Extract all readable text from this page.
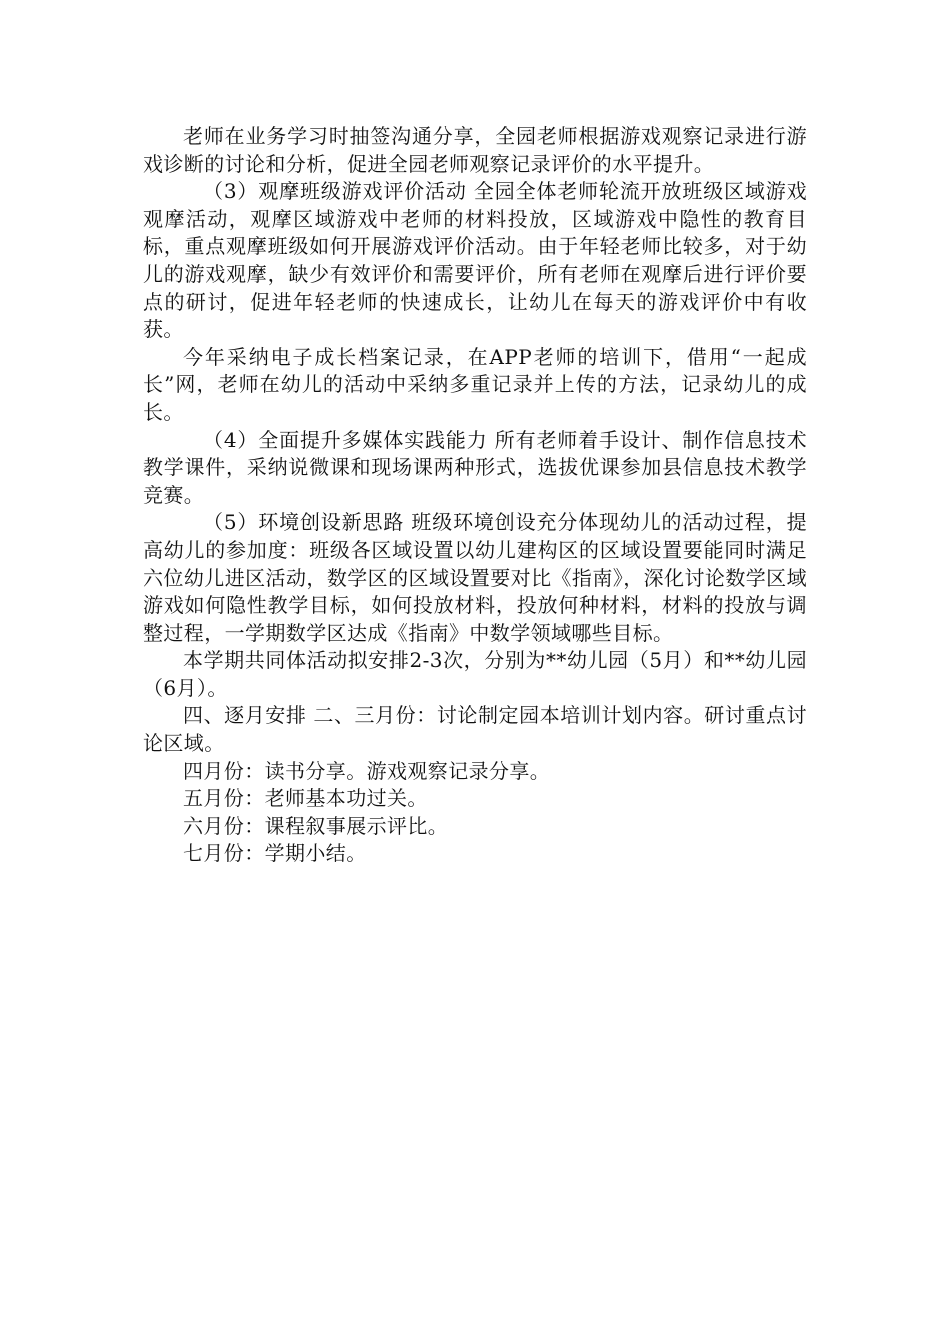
老师在业务学习时抽签沟通分享，全园老师根据游戏观察记录进行游戏诊断的讨论和分析，促进全园老师观察记录评价的水平提升。

（3）观摩班级游戏评价活动 全园全体老师轮流开放班级区域游戏观摩活动，观摩区域游戏中老师的材料投放，区域游戏中隐性的教育目标，重点观摩班级如何开展游戏评价活动。由于年轻老师比较多，对于幼儿的游戏观摩，缺少有效评价和需要评价，所有老师在观摩后进行评价要点的研讨，促进年轻老师的快速成长，让幼儿在每天的游戏评价中有收获。

今年采纳电子成长档案记录，在APP老师的培训下，借用“一起成长”网，老师在幼儿的活动中采纳多重记录并上传的方法，记录幼儿的成长。

（4）全面提升多媒体实践能力 所有老师着手设计、制作信息技术教学课件，采纳说微课和现场课两种形式，选拔优课参加县信息技术教学竞赛。

（5）环境创设新思路 班级环境创设充分体现幼儿的活动过程，提高幼儿的参加度：班级各区域设置以幼儿建构区的区域设置要能同时满足六位幼儿进区活动，数学区的区域设置要对比《指南》，深化讨论数学区域游戏如何隐性教学目标，如何投放材料，投放何种材料，材料的投放与调整过程，一学期数学区达成《指南》中数学领域哪些目标。

本学期共同体活动拟安排2-3次，分别为**幼儿园（5月）和**幼儿园（6月）。

四、逐月安排 二、三月份：讨论制定园本培训计划内容。研讨重点讨论区域。

四月份：读书分享。游戏观察记录分享。

五月份：老师基本功过关。

六月份：课程叙事展示评比。

七月份：学期小结。
